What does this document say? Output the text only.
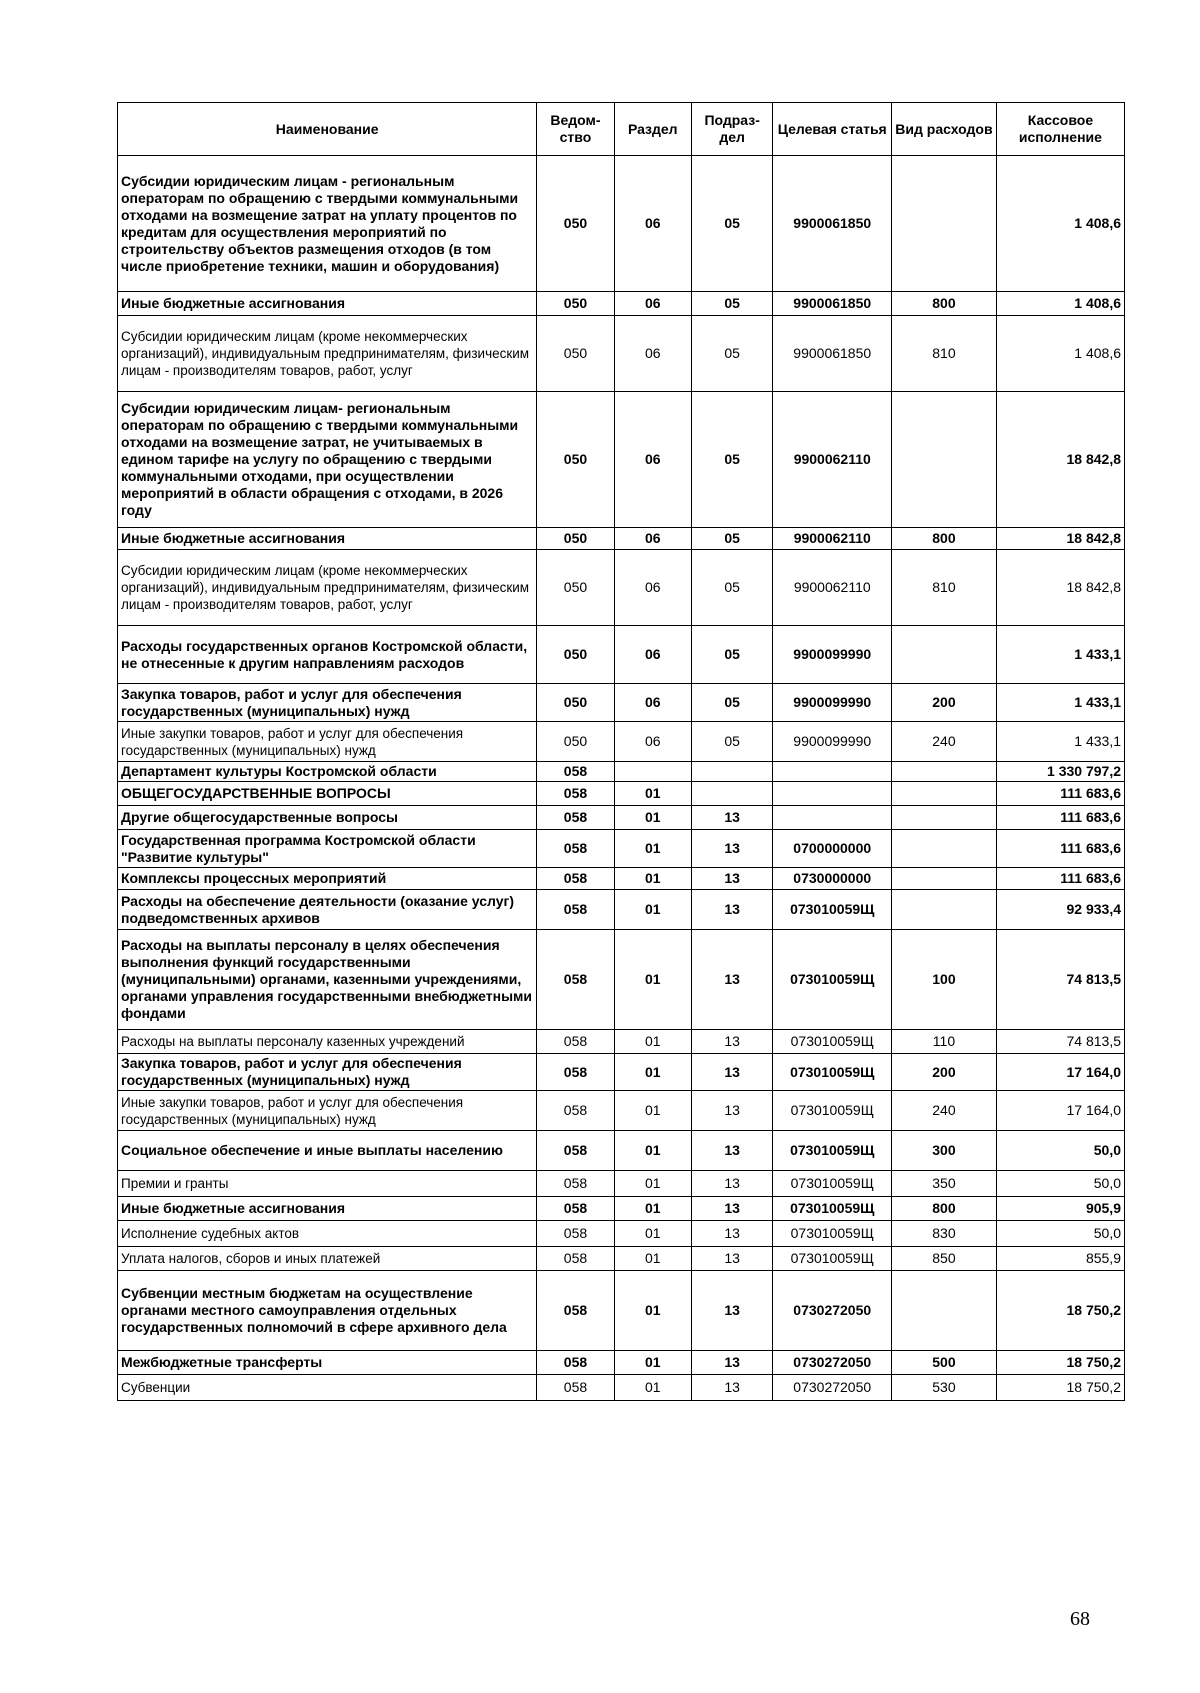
Наименование	Ведом-ство	Раздел	Подраз-дел	Целевая статья	Вид расходов	Кассовое исполнение
Субсидии юридическим лицам - региональным операторам по обращению с твердыми коммунальными отходами на возмещение затрат на уплату процентов по кредитам для осуществления мероприятий по строительству объектов размещения отходов (в том числе приобретение техники, машин и оборудования)	050	06	05	9900061850		1 408,6
Иные бюджетные ассигнования	050	06	05	9900061850	800	1 408,6
Субсидии юридическим лицам (кроме некоммерческих организаций), индивидуальным предпринимателям, физическим лицам - производителям товаров, работ, услуг	050	06	05	9900061850	810	1 408,6
Субсидии юридическим лицам- региональным операторам по обращению с твердыми коммунальными отходами на возмещение затрат, не учитываемых в едином тарифе на услугу по обращению с твердыми коммунальными отходами, при осуществлении мероприятий в области обращения с отходами, в 2026 году	050	06	05	9900062110		18 842,8
Иные бюджетные ассигнования	050	06	05	9900062110	800	18 842,8
Субсидии юридическим лицам (кроме некоммерческих организаций), индивидуальным предпринимателям, физическим лицам - производителям товаров, работ, услуг	050	06	05	9900062110	810	18 842,8
Расходы государственных органов Костромской области, не отнесенные к другим направлениям расходов	050	06	05	9900099990		1 433,1
Закупка товаров, работ и услуг для обеспечения государственных (муниципальных) нужд	050	06	05	9900099990	200	1 433,1
Иные закупки товаров, работ и услуг для обеспечения государственных (муниципальных) нужд	050	06	05	9900099990	240	1 433,1
Департамент культуры Костромской области	058					1 330 797,2
ОБЩЕГОСУДАРСТВЕННЫЕ ВОПРОСЫ	058	01				111 683,6
Другие общегосударственные вопросы	058	01	13			111 683,6
Государственная программа Костромской области "Развитие культуры"	058	01	13	0700000000		111 683,6
Комплексы процессных мероприятий	058	01	13	0730000000		111 683,6
Расходы на обеспечение деятельности (оказание услуг) подведомственных архивов	058	01	13	073010059Щ		92 933,4
Расходы на выплаты персоналу в целях обеспечения выполнения функций государственными (муниципальными) органами, казенными учреждениями, органами управления государственными внебюджетными фондами	058	01	13	073010059Щ	100	74 813,5
Расходы на выплаты персоналу казенных учреждений	058	01	13	073010059Щ	110	74 813,5
Закупка товаров, работ и услуг для обеспечения государственных (муниципальных) нужд	058	01	13	073010059Щ	200	17 164,0
Иные закупки товаров, работ и услуг для обеспечения государственных (муниципальных) нужд	058	01	13	073010059Щ	240	17 164,0
Социальное обеспечение и иные выплаты населению	058	01	13	073010059Щ	300	50,0
Премии и гранты	058	01	13	073010059Щ	350	50,0
Иные бюджетные ассигнования	058	01	13	073010059Щ	800	905,9
Исполнение судебных актов	058	01	13	073010059Щ	830	50,0
Уплата налогов, сборов и иных платежей	058	01	13	073010059Щ	850	855,9
Субвенции местным бюджетам на осуществление органами местного самоуправления отдельных государственных полномочий в сфере архивного дела	058	01	13	0730272050		18 750,2
Межбюджетные трансферты	058	01	13	0730272050	500	18 750,2
Субвенции	058	01	13	0730272050	530	18 750,2
68
